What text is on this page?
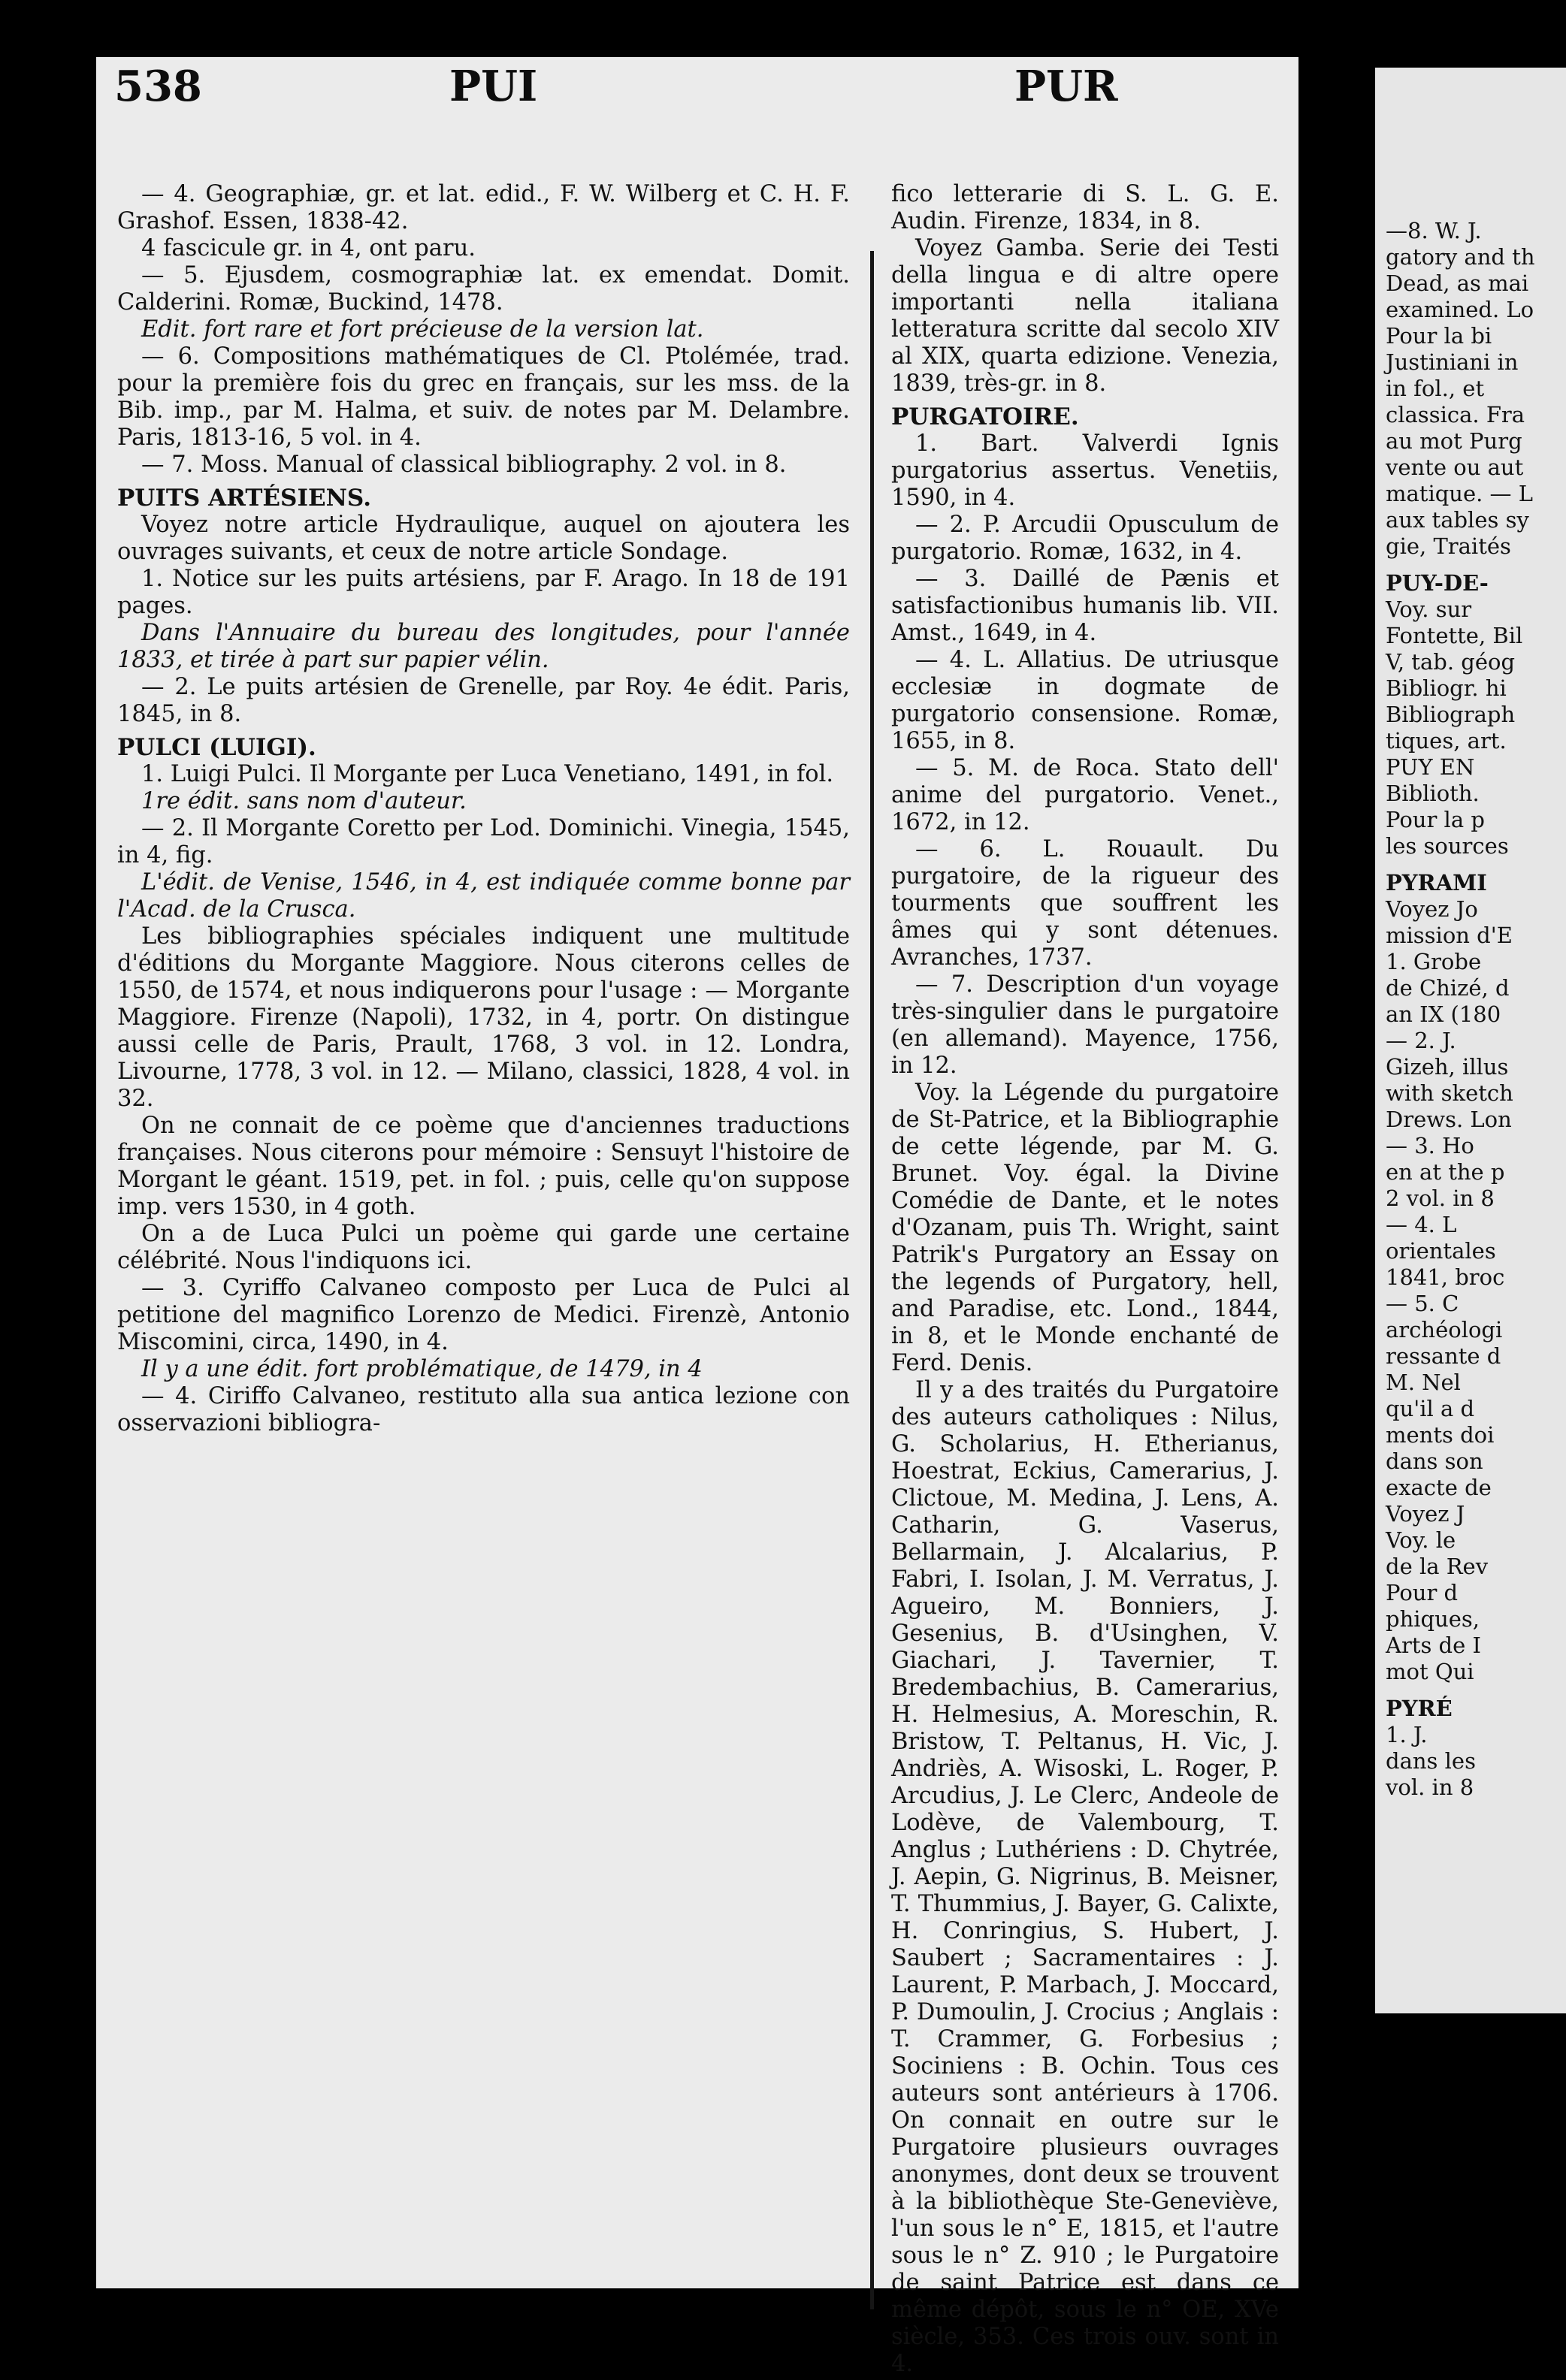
538	PUI	PUR

— 4. Geographiæ, gr. et lat. edid., F. W. Wilberg et C. H. F. Grashof. Essen, 1838-42.

4 fascicule gr. in 4, ont paru.

— 5. Ejusdem, cosmographiæ lat. ex emendat. Domit. Calderini. Romæ, Buckind, 1478.

Edit. fort rare et fort précieuse de la version lat.

— 6. Compositions mathématiques de Cl. Ptolémée, trad. pour la première fois du grec en français, sur les mss. de la Bib. imp., par M. Halma, et suiv. de notes par M. Delambre. Paris, 1813-16, 5 vol. in 4.

— 7. Moss. Manual of classical bibliography. 2 vol. in 8.

PUITS ARTÉSIENS.

Voyez notre article Hydraulique, auquel on ajoutera les ouvrages suivants, et ceux de notre article Sondage.

1. Notice sur les puits artésiens, par F. Arago. In 18 de 191 pages.

Dans l'Annuaire du bureau des longitudes, pour l'année 1833, et tirée à part sur papier vélin.

— 2. Le puits artésien de Grenelle, par Roy. 4e édit. Paris, 1845, in 8.

PULCI (LUIGI).

1. Luigi Pulci. Il Morgante per Luca Venetiano, 1491, in fol.

1re édit. sans nom d'auteur.

— 2. Il Morgante Coretto per Lod. Dominichi. Vinegia, 1545, in 4, fig.

L'édit. de Venise, 1546, in 4, est indiquée comme bonne par l'Acad. de la Crusca.

Les bibliographies spéciales indiquent une multitude d'éditions du Morgante Maggiore. Nous citerons celles de 1550, de 1574, et nous indiquerons pour l'usage : — Morgante Maggiore. Firenze (Napoli), 1732, in 4, portr. On distingue aussi celle de Paris, Prault, 1768, 3 vol. in 12. Londra, Livourne, 1778, 3 vol. in 12. — Milano, classici, 1828, 4 vol. in 32.

On ne connait de ce poème que d'anciennes traductions françaises. Nous citerons pour mémoire : Sensuyt l'histoire de Morgant le géant. 1519, pet. in fol. ; puis, celle qu'on suppose imp. vers 1530, in 4 goth.

On a de Luca Pulci un poème qui garde une certaine célébrité. Nous l'indiquons ici.

— 3. Cyriffo Calvaneo composto per Luca de Pulci al petitione del magnifico Lorenzo de Medici. Firenzè, Antonio Miscomini, circa, 1490, in 4.

Il y a une édit. fort problématique, de 1479, in 4

— 4. Ciriffo Calvaneo, restituto alla sua antica lezione con osservazioni bibliogra-

fico letterarie di S. L. G. E. Audin. Firenze, 1834, in 8.

Voyez Gamba. Serie dei Testi della lingua e di altre opere importanti nella italiana letteratura scritte dal secolo XIV al XIX, quarta edizione. Venezia, 1839, très-gr. in 8.

PURGATOIRE.

1. Bart. Valverdi Ignis purgatorius assertus. Venetiis, 1590, in 4.

— 2. P. Arcudii Opusculum de purgatorio. Romæ, 1632, in 4.

— 3. Daillé de Pænis et satisfactionibus humanis lib. VII. Amst., 1649, in 4.

— 4. L. Allatius. De utriusque ecclesiæ in dogmate de purgatorio consensione. Romæ, 1655, in 8.

— 5. M. de Roca. Stato dell' anime del purgatorio. Venet., 1672, in 12.

— 6. L. Rouault. Du purgatoire, de la rigueur des tourments que souffrent les âmes qui y sont détenues. Avranches, 1737.

— 7. Description d'un voyage très-singulier dans le purgatoire (en allemand). Mayence, 1756, in 12.

Voy. la Légende du purgatoire de St-Patrice, et la Bibliographie de cette légende, par M. G. Brunet. Voy. égal. la Divine Comédie de Dante, et le notes d'Ozanam, puis Th. Wright, saint Patrik's Purgatory an Essay on the legends of Purgatory, hell, and Paradise, etc. Lond., 1844, in 8, et le Monde enchanté de Ferd. Denis.

Il y a des traités du Purgatoire des auteurs catholiques : Nilus, G. Scholarius, H. Etherianus, Hoestrat, Eckius, Camerarius, J. Clictoue, M. Medina, J. Lens, A. Catharin, G. Vaserus, Bellarmain, J. Alcalarius, P. Fabri, I. Isolan, J. M. Verratus, J. Agueiro, M. Bonniers, J. Gesenius, B. d'Usinghen, V. Giachari, J. Tavernier, T. Bredembachius, B. Camerarius, H. Helmesius, A. Moreschin, R. Bristow, T. Peltanus, H. Vic, J. Andriès, A. Wisoski, L. Roger, P. Arcudius, J. Le Clerc, Andeole de Lodève, de Valembourg, T. Anglus ; Luthériens : D. Chytrée, J. Aepin, G. Nigrinus, B. Meisner, T. Thummius, J. Bayer, G. Calixte, H. Conringius, S. Hubert, J. Saubert ; Sacramentaires : J. Laurent, P. Marbach, J. Moccard, P. Dumoulin, J. Crocius ; Anglais : T. Crammer, G. Forbesius ; Sociniens : B. Ochin. Tous ces auteurs sont antérieurs à 1706. On connait en outre sur le Purgatoire plusieurs ouvrages anonymes, dont deux se trouvent à la bibliothèque Ste-Geneviève, l'un sous le n° E, 1815, et l'autre sous le n° Z. 910 ; le Purgatoire de saint Patrice est dans ce même dépôt, sous le n° OE, XVe siècle, 353. Ces trois ouv. sont in 4.

—8. W. J.

gatory and th

Dead, as mai

examined. Lo

Pour la bi

Justiniani in

in fol., et

classica. Fra

au mot Purg

vente ou aut

matique. — L

aux tables sy

gie, Traités

PUY-DE-

Voy. sur

Fontette, Bil

V, tab. géog

Bibliogr. hi

Bibliograph

tiques, art.

PUY EN

Biblioth.

Pour la p

les sources

PYRAMI

Voyez Jo

mission d'E

1. Grobe

de Chizé, d

an IX (180

— 2. J.

Gizeh, illus

with sketch

Drews. Lon

— 3. Ho

en at the p

2 vol. in 8

— 4. L

orientales

1841, broc

— 5. C

archéologi

ressante d

M. Nel

qu'il a d

ments doi

dans son

exacte de

Voyez J

Voy. le

de la Rev

Pour d

phiques,

Arts de I

mot Qui

PYRÉ

1. J.

dans les

vol. in 8
